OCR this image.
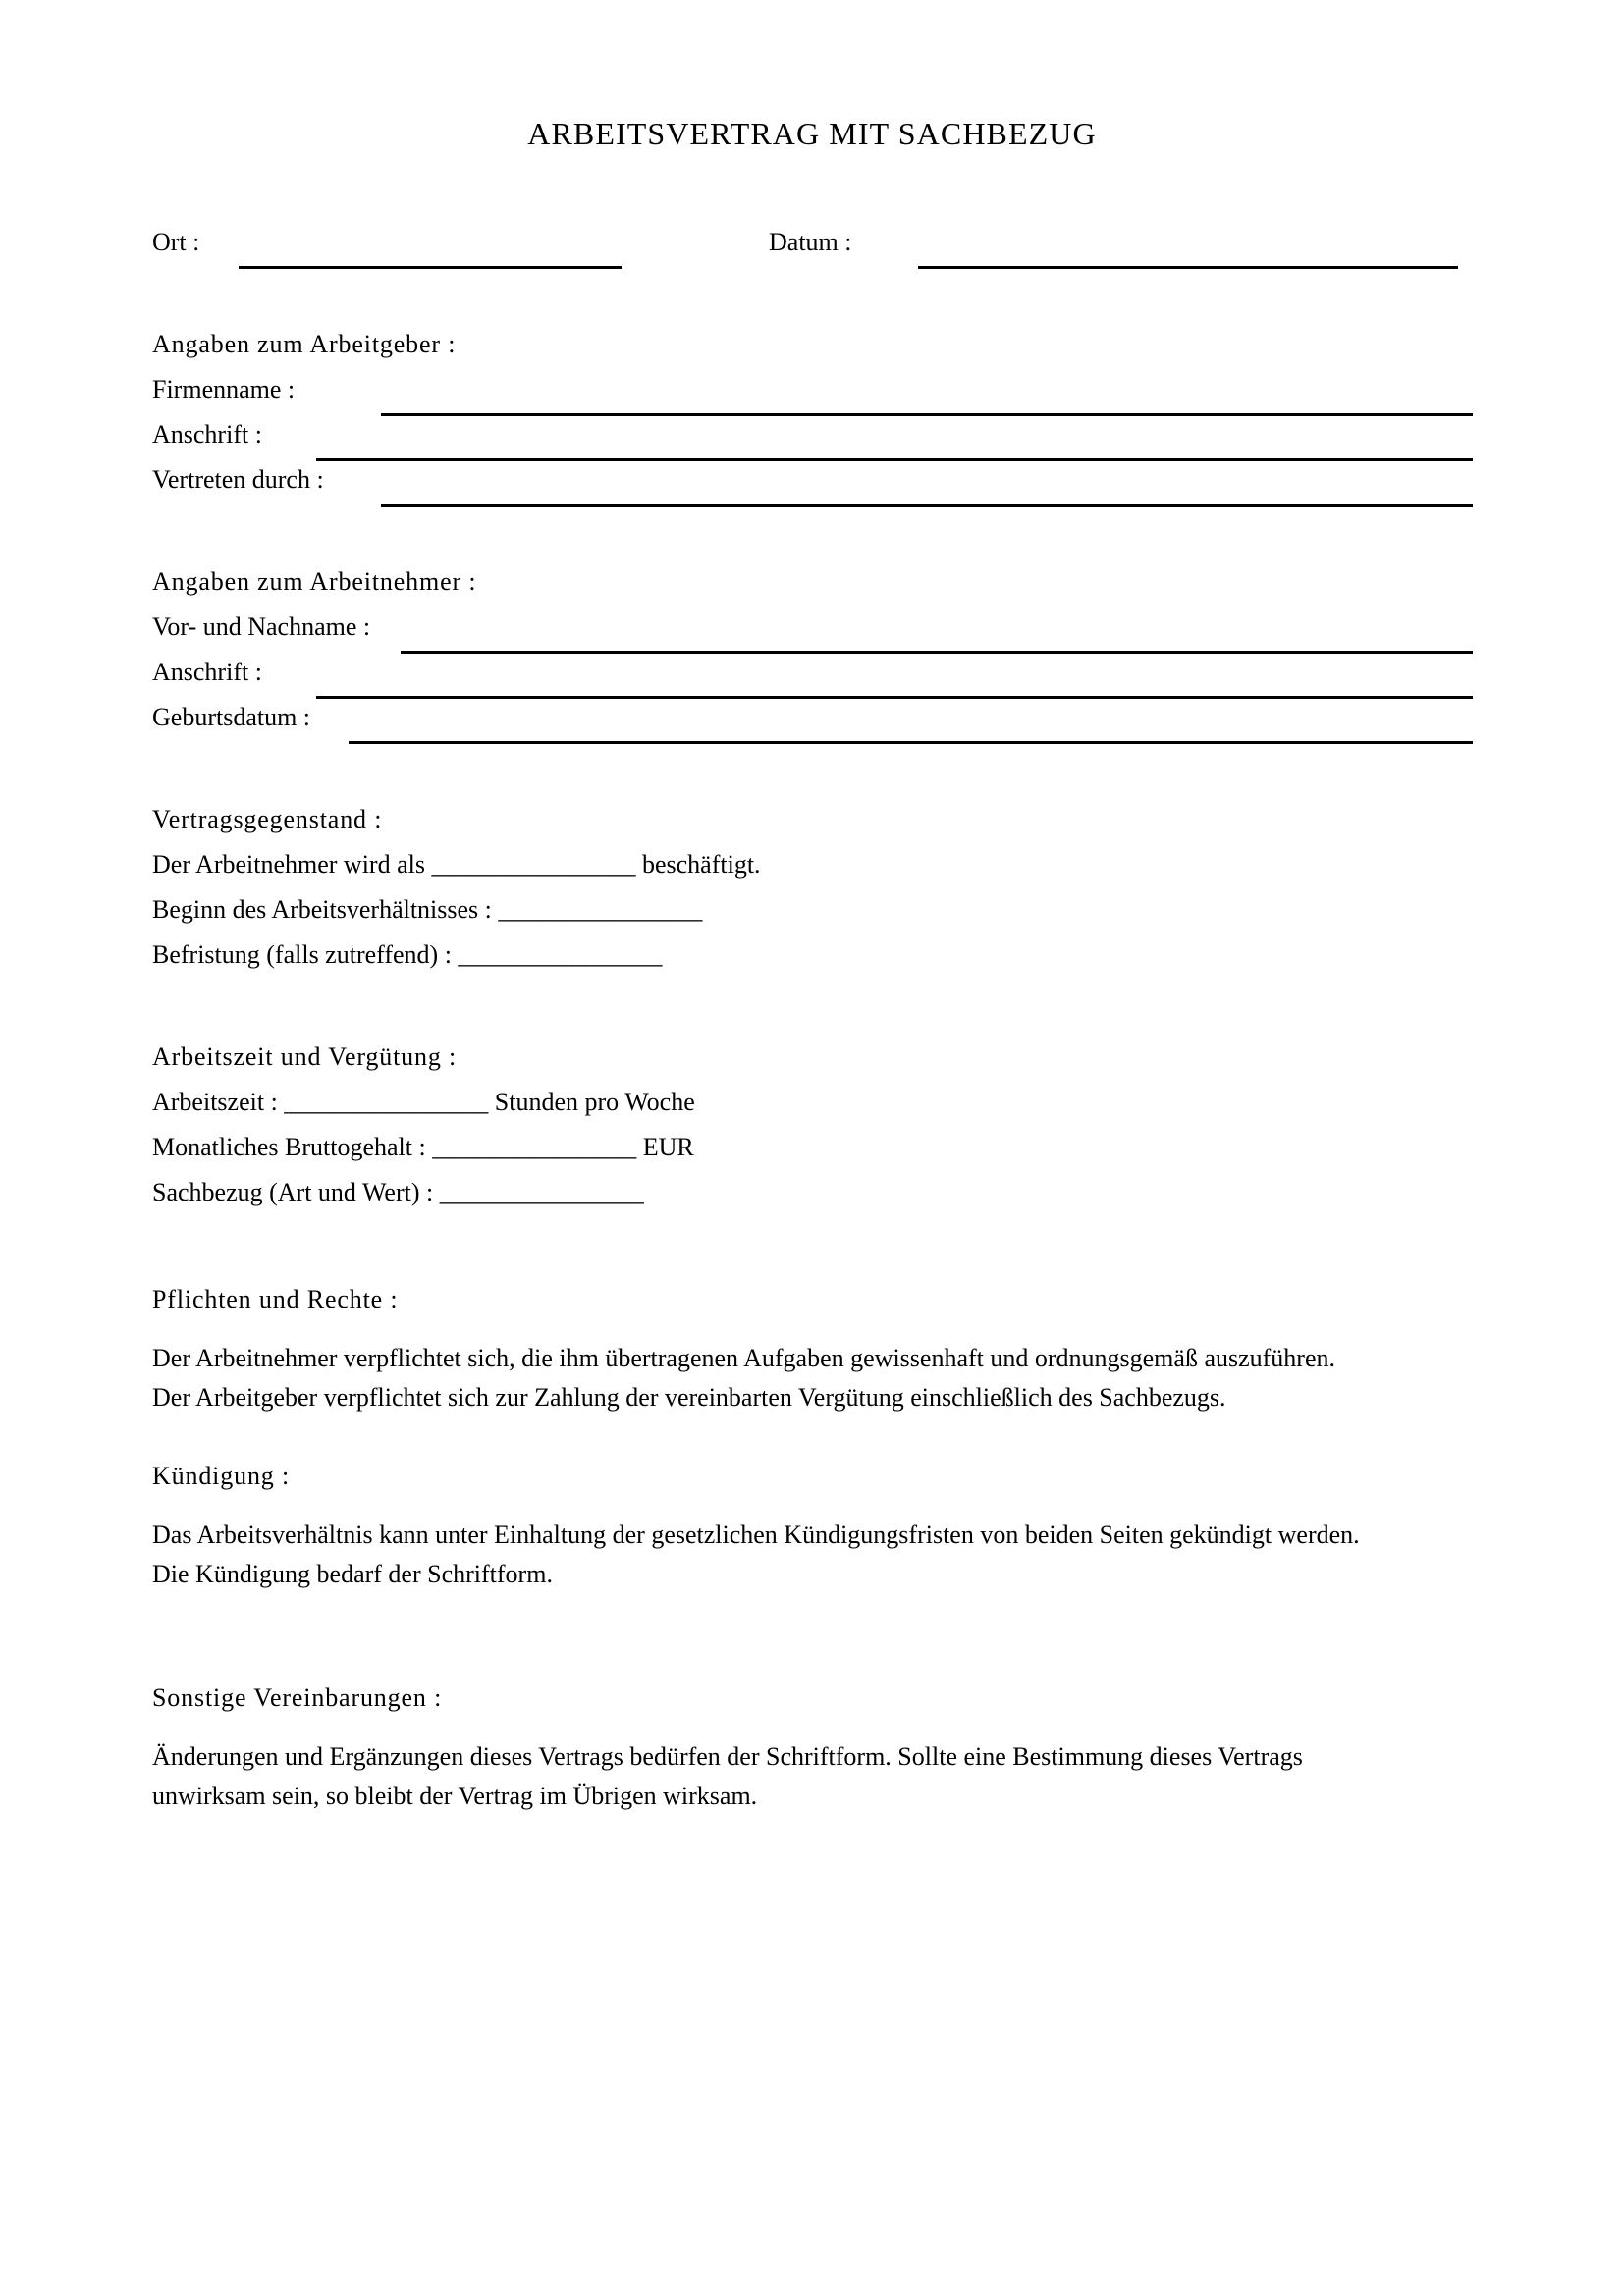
ARBEITSVERTRAG MIT SACHBEZUG
Ort :	Datum :
Angaben zum Arbeitgeber :
Firmenname :
Anschrift :
Vertreten durch :
Angaben zum Arbeitnehmer :
Vor- und Nachname :
Anschrift :
Geburtsdatum :
Vertragsgegenstand :
Der Arbeitnehmer wird als ________________ beschäftigt.
Beginn des Arbeitsverhältnisses : ________________
Befristung (falls zutreffend) : ________________
Arbeitszeit und Vergütung :
Arbeitszeit : ________________ Stunden pro Woche
Monatliches Bruttogehalt : ________________ EUR
Sachbezug (Art und Wert) : ________________
Pflichten und Rechte :
Der Arbeitnehmer verpflichtet sich, die ihm übertragenen Aufgaben gewissenhaft und ordnungsgemäß auszuführen.
Der Arbeitgeber verpflichtet sich zur Zahlung der vereinbarten Vergütung einschließlich des Sachbezugs.
Kündigung :
Das Arbeitsverhältnis kann unter Einhaltung der gesetzlichen Kündigungsfristen von beiden Seiten gekündigt werden.
Die Kündigung bedarf der Schriftform.
Sonstige Vereinbarungen :
Änderungen und Ergänzungen dieses Vertrags bedürfen der Schriftform. Sollte eine Bestimmung dieses Vertrags
unwirksam sein, so bleibt der Vertrag im Übrigen wirksam.
